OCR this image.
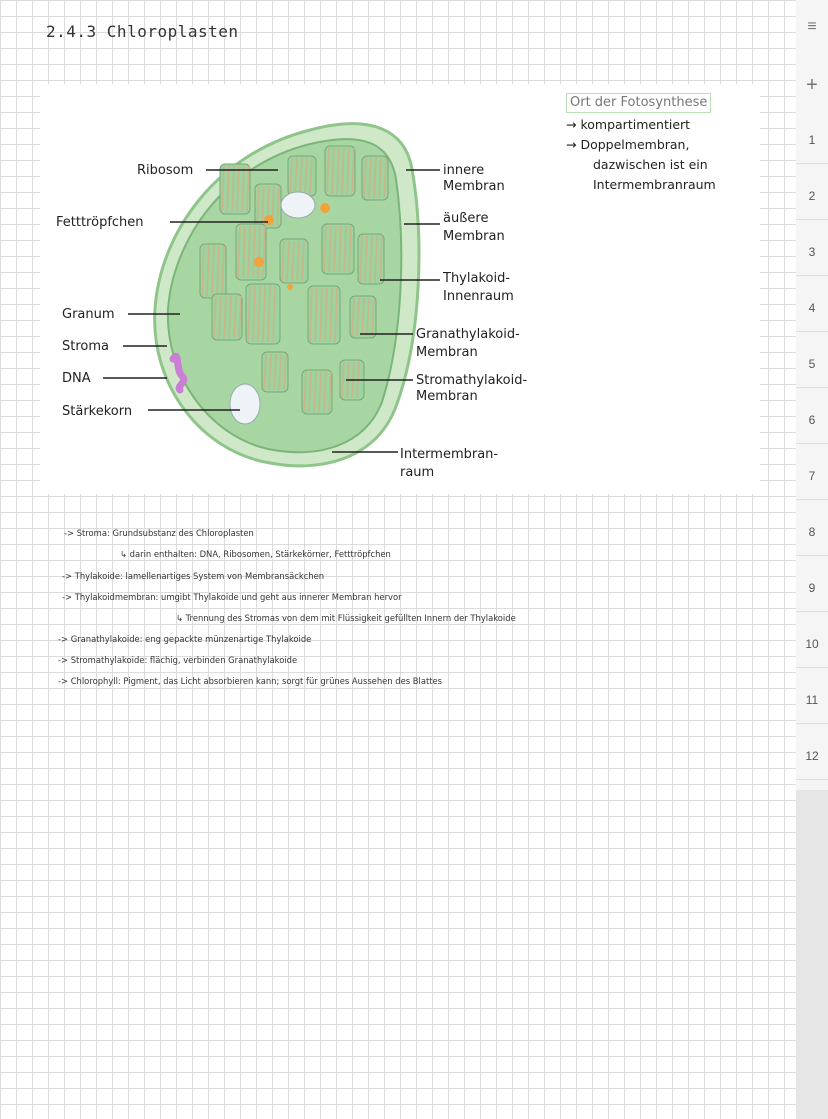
2.4.3 Chloroplasten
Ribosom
Fetttröpfchen
Granum
Stroma
DNA
Stärkekorn
innere
Membran
äußere
Membran
Thylakoid-
Innenraum
Granathylakoid-
Membran
Stromathylakoid-
Membran
Intermembran-
raum
Ort der Fotosynthese
→ kompartimentiert
→ Doppelmembran,
dazwischen ist ein
Intermembranraum
-> Stroma: Grundsubstanz des Chloroplasten
↳ darin enthalten: DNA, Ribosomen, Stärkekörner, Fetttröpfchen
-> Thylakoide: lamellenartiges System von Membransäckchen
-> Thylakoidmembran: umgibt Thylakoide und geht aus innerer Membran hervor
↳ Trennung des Stromas von dem mit Flüssigkeit gefüllten Innern der Thylakoide
-> Granathylakoide: eng gepackte münzenartige Thylakoide
-> Stromathylakoide: flächig, verbinden Granathylakoide
-> Chlorophyll: Pigment, das Licht absorbieren kann; sorgt für grünes Aussehen des Blattes
≡
+
1
2
3
4
5
6
7
8
9
10
11
12
